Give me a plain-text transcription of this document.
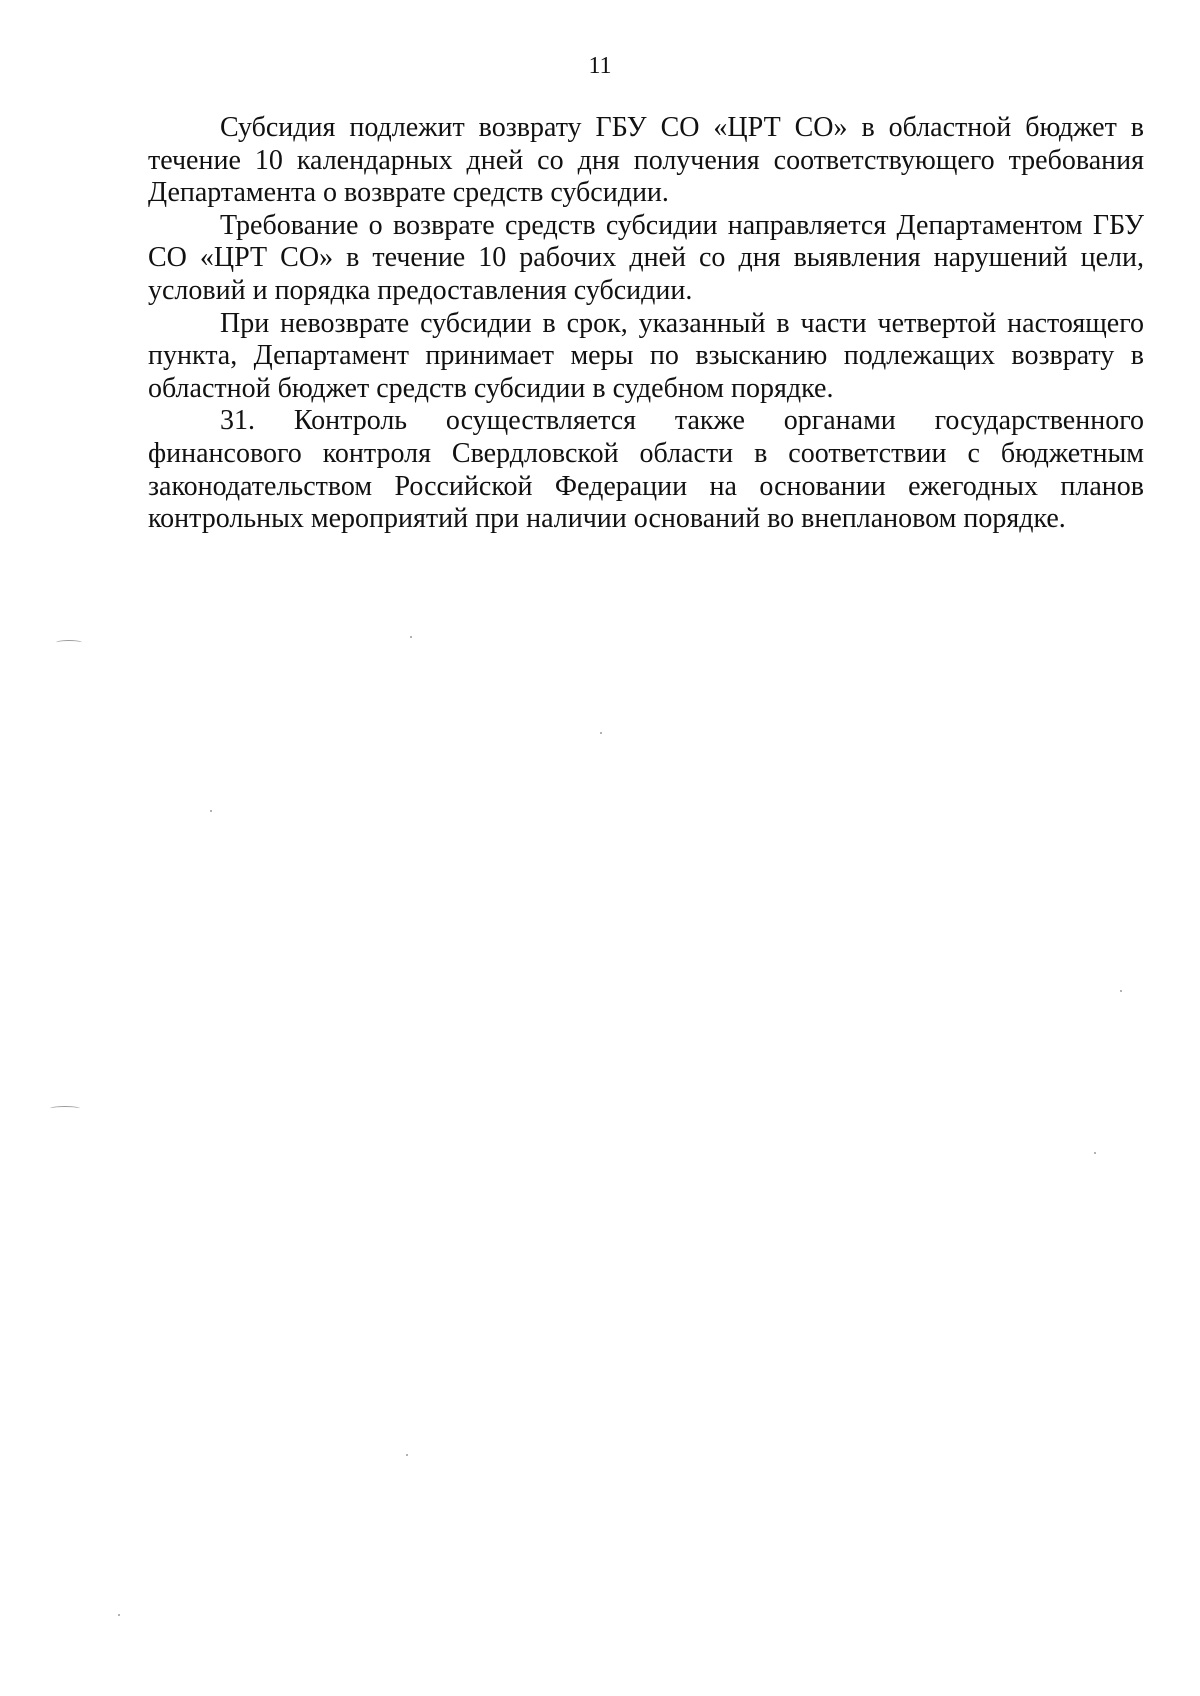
11

Субсидия подлежит возврату ГБУ СО «ЦРТ СО» в областной бюджет в течение 10 календарных дней со дня получения соответствующего требования Департамента о возврате средств субсидии.

Требование о возврате средств субсидии направляется Департаментом ГБУ СО «ЦРТ СО» в течение 10 рабочих дней со дня выявления нарушений цели, условий и порядка предоставления субсидии.

При невозврате субсидии в срок, указанный в части четвертой настоящего пункта, Департамент принимает меры по взысканию подлежащих возврату в областной бюджет средств субсидии в судебном порядке.

31. Контроль осуществляется также органами государственного финансового контроля Свердловской области в соответствии с бюджетным законодательством Российской Федерации на основании ежегодных планов контрольных мероприятий при наличии оснований во внеплановом порядке.
